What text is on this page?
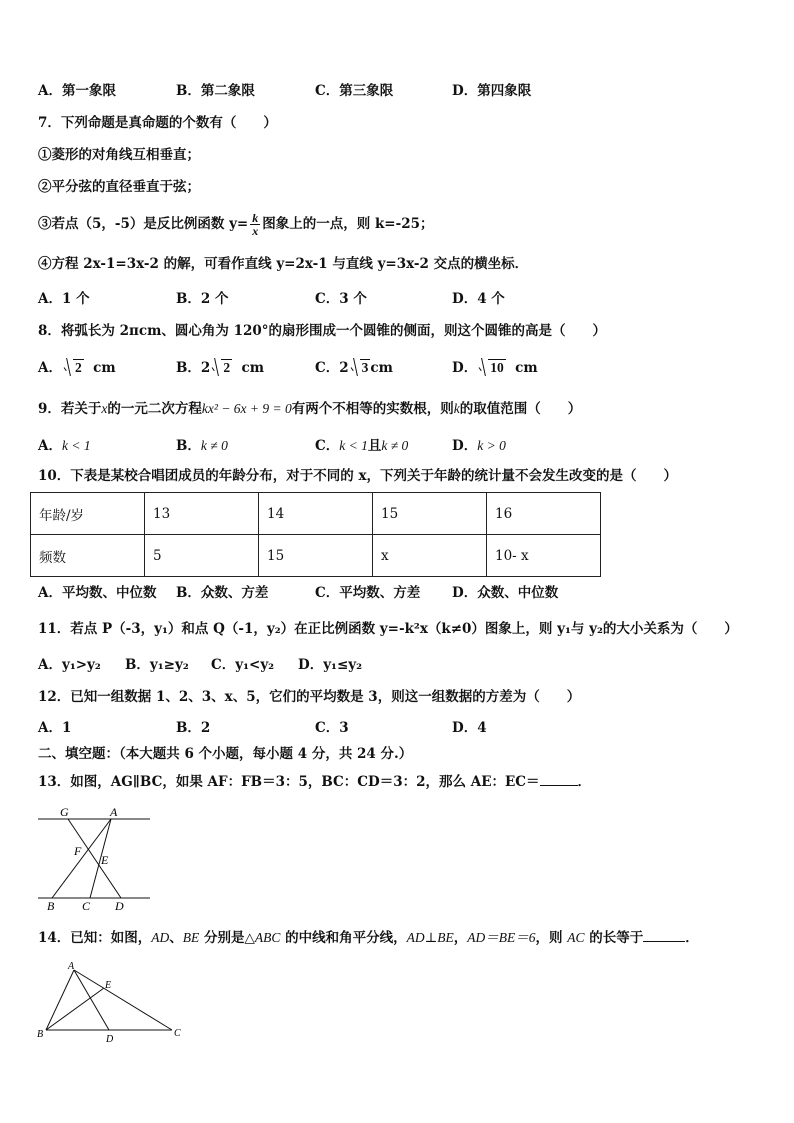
A．第一象限	B．第二象限	C．第三象限	D．第四象限
7．下列命题是真命题的个数有（　　）
①菱形的对角线互相垂直；
②平分弦的直径垂直于弦；
③若点（5，-5）是反比例函数 $y= \frac{k}{x}$ 图象上的一点，则 k=-25；
④方程 2x-1=3x-2 的解，可看作直线 y=2x-1 与直线 y=3x-2 交点的横坐标．
A．1 个	B．2 个	C．3 个	D．4 个
8．将弧长为 2πcm、圆心角为 120°的扇形围成一个圆锥的侧面，则这个圆锥的高是（　　）
A． 2 cm	B．2 2 cm	C．2 3 cm	D． 10 cm
9．若关于x的一元二次方程kx² − 6x + 9 = 0有两个不相等的实数根，则k的取值范围（　　）
A．k < 1	B．k ≠ 0	C．k < 1且k ≠ 0	D．k > 0
10．下表是某校合唱团成员的年龄分布，对于不同的 x，下列关于年龄的统计量不会发生改变的是（　　）
年龄/岁	13	14	15	16
频数	5	15	x	10- x
A．平均数、中位数 B．众数、方差	C．平均数、方差 D．众数、中位数
11．若点 P（-3，y₁）和点 Q（-1，y₂）在正比例函数 y=-k²x（k≠0）图象上，则 y₁与 y₂的大小关系为（　　）
A．y₁>y₂ B．y₁≥y₂ C．y₁<y₂ D．y₁≤y₂
12．已知一组数据 1、2、3、x、5，它们的平均数是 3，则这一组数据的方差为（　　）
A．1	B．2	C．3	D．4
二、填空题：（本大题共 6 个小题，每小题 4 分，共 24 分.）
13．如图，AG∥BC，如果 AF：FB＝3：5，BC：CD＝3：2，那么 AE：EC＝	．
G	A
F
E
B C D
14．已知：如图，AD、BE 分别是△ABC 的中线和角平分线，AD⊥BE，AD＝BE＝6，则 AC 的长等于	．
A
E
B	D
C
